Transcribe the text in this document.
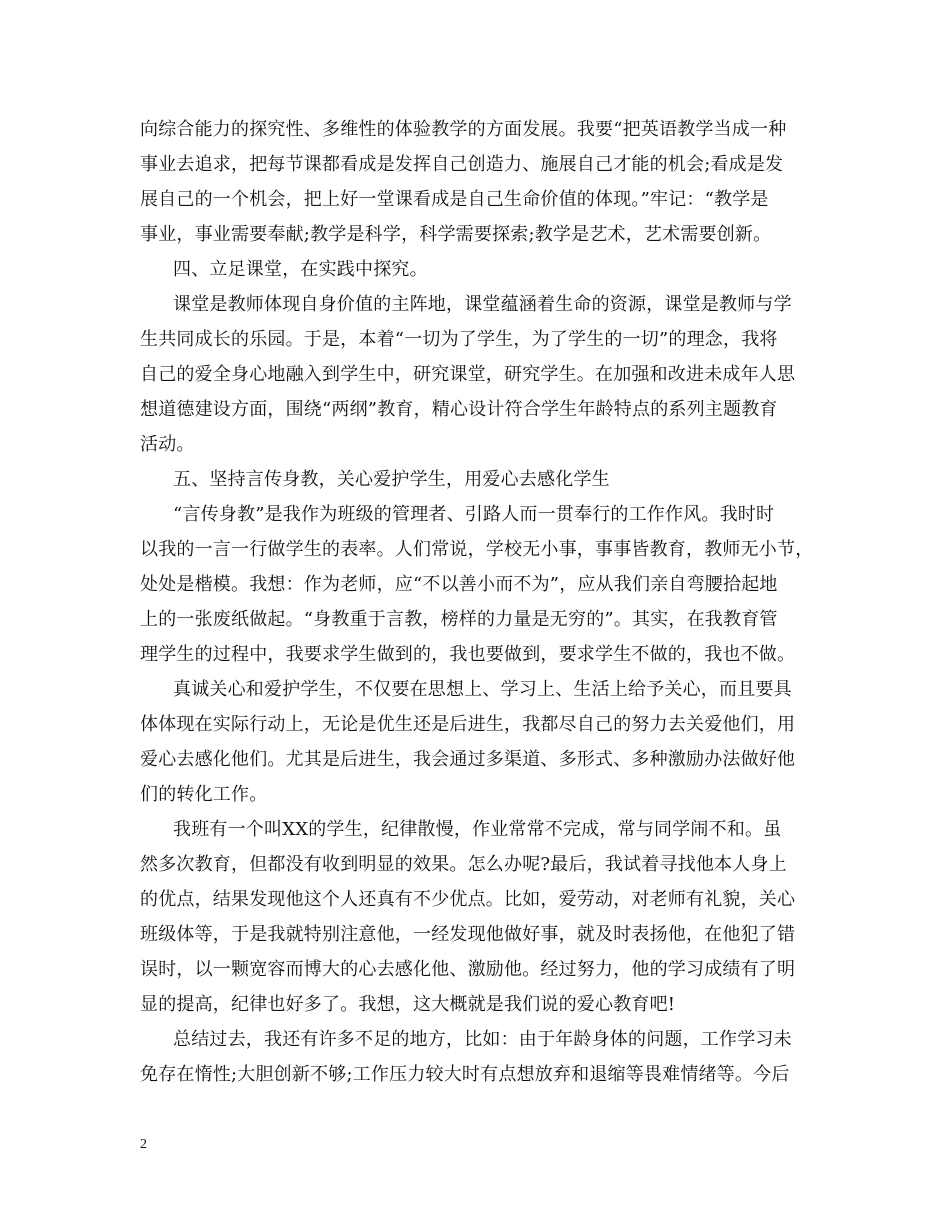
向综合能力的探究性、多维性的体验教学的方面发展。我要“把英语教学当成一种
事业去追求，把每节课都看成是发挥自己创造力、施展自己才能的机会;看成是发
展自己的一个机会，把上好一堂课看成是自己生命价值的体现。”牢记：“教学是
事业，事业需要奉献;教学是科学，科学需要探索;教学是艺术，艺术需要创新。
四、立足课堂，在实践中探究。
课堂是教师体现自身价值的主阵地，课堂蕴涵着生命的资源，课堂是教师与学
生共同成长的乐园。于是，本着“一切为了学生，为了学生的一切”的理念，我将
自己的爱全身心地融入到学生中，研究课堂，研究学生。在加强和改进未成年人思
想道德建设方面，围绕“两纲”教育，精心设计符合学生年龄特点的系列主题教育
活动。
五、坚持言传身教，关心爱护学生，用爱心去感化学生
“言传身教”是我作为班级的管理者、引路人而一贯奉行的工作作风。我时时
以我的一言一行做学生的表率。人们常说，学校无小事，事事皆教育，教师无小节，
处处是楷模。我想：作为老师，应“不以善小而不为”，应从我们亲自弯腰拾起地
上的一张废纸做起。“身教重于言教，榜样的力量是无穷的”。其实，在我教育管
理学生的过程中，我要求学生做到的，我也要做到，要求学生不做的，我也不做。
真诚关心和爱护学生，不仅要在思想上、学习上、生活上给予关心，而且要具
体体现在实际行动上，无论是优生还是后进生，我都尽自己的努力去关爱他们，用
爱心去感化他们。尤其是后进生，我会通过多渠道、多形式、多种激励办法做好他
们的转化工作。
我班有一个叫XX的学生，纪律散慢，作业常常不完成，常与同学闹不和。虽
然多次教育，但都没有收到明显的效果。怎么办呢?最后，我试着寻找他本人身上
的优点，结果发现他这个人还真有不少优点。比如，爱劳动，对老师有礼貌，关心
班级体等，于是我就特别注意他，一经发现他做好事，就及时表扬他，在他犯了错
误时，以一颗宽容而博大的心去感化他、激励他。经过努力，他的学习成绩有了明
显的提高，纪律也好多了。我想，这大概就是我们说的爱心教育吧!
总结过去，我还有许多不足的地方，比如：由于年龄身体的问题，工作学习未
免存在惰性;大胆创新不够;工作压力较大时有点想放弃和退缩等畏难情绪等。今后
2
